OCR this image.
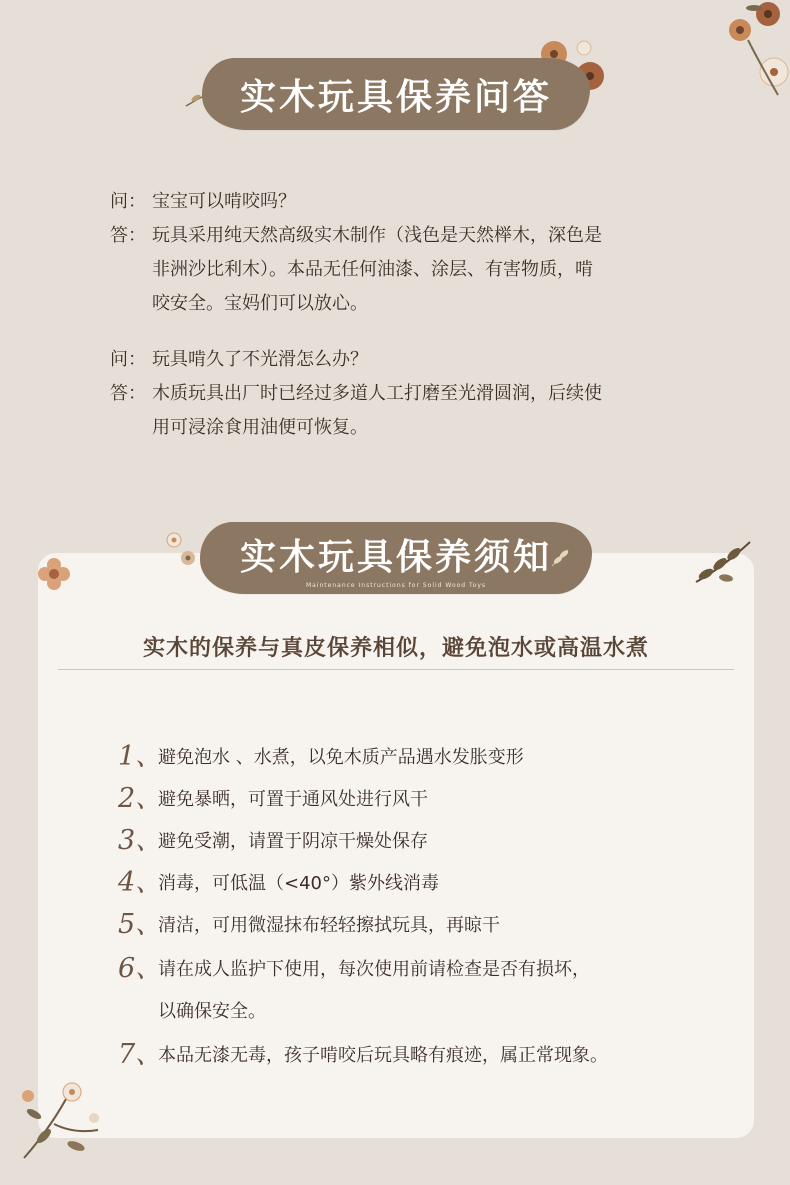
实木玩具保养问答
问： 宝宝可以啃咬吗？
答： 玩具采用纯天然高级实木制作（浅色是天然榉木，深色是
非洲沙比利木）。本品无任何油漆、涂层、有害物质，啃
咬安全。宝妈们可以放心。
问： 玩具啃久了不光滑怎么办？
答： 木质玩具出厂时已经过多道人工打磨至光滑圆润，后续使
用可浸涂食用油便可恢复。
实木的保养与真皮保养相似，避免泡水或高温水煮
1、
避免泡水 、水煮，以免木质产品遇水发胀变形
2、
避免暴晒，可置于通风处进行风干
3、
避免受潮，请置于阴凉干燥处保存
4、
消毒，可低温（<40°）紫外线消毒
5、
清洁，可用微湿抹布轻轻擦拭玩具，再晾干
6、
请在成人监护下使用，每次使用前请检查是否有损坏，
以确保安全。
7、
本品无漆无毒，孩子啃咬后玩具略有痕迹，属正常现象。
实木玩具保养须知
Maintenance Instructions for Solid Wood Toys
